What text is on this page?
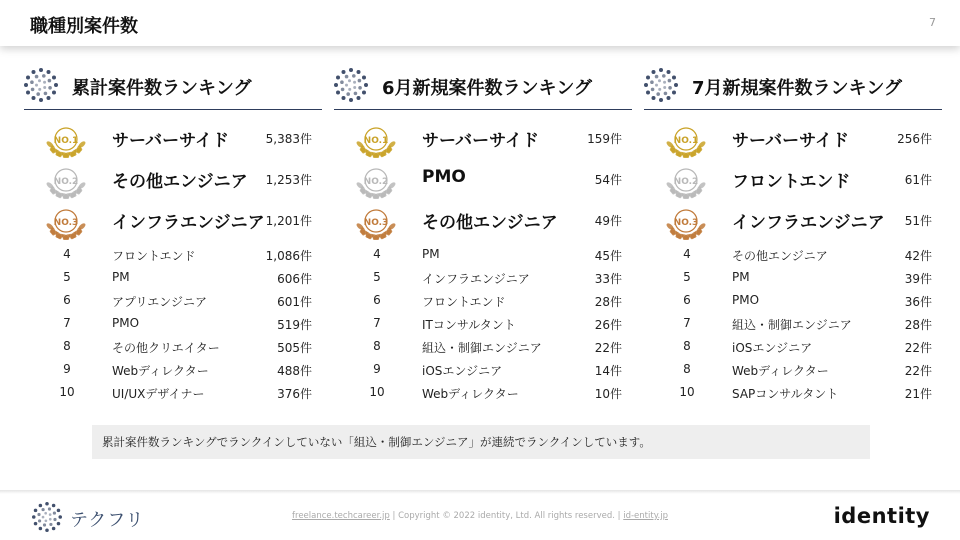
職種別案件数	7
累計案件数ランキング
NO.1 サーバーサイド	5,383件
NO.2 その他エンジニア 1,253件
NO.3 インフラエンジニア 1,201件
4	フロントエンド	1,086件
5	PM	606件
6	アプリエンジニア	601件
7	PMO	519件
8	その他クリエイター	505件
9	Webディレクター	488件
10	UI/UXデザイナー	376件
6月新規案件数ランキング
NO.1 サーバーサイド	159件
NO.2 PMO	54件
NO.3 その他エンジニア	49件
4	PM	45件
5	インフラエンジニア	33件
6	フロントエンド	28件
7	ITコンサルタント	26件
8	組込・制御エンジニア	22件
9	iOSエンジニア	14件
10	Webディレクター	10件
7月新規案件数ランキング
NO.1 サーバーサイド	256件
NO.2 フロントエンド	61件
NO.3 インフラエンジニア 51件
4	その他エンジニア	42件
5	PM	39件
6	PMO	36件
7	組込・制御エンジニア	28件
8	iOSエンジニア	22件
8	Webディレクター	22件
10	SAPコンサルタント	21件
累計案件数ランキングでランクインしていない「組込・制御エンジニア」が連続でランクインしています。
テクフリ	freelance.techcareer.jp | Copyright © 2022 identity, Ltd. All rights reserved. | id-entity.jp	identity
